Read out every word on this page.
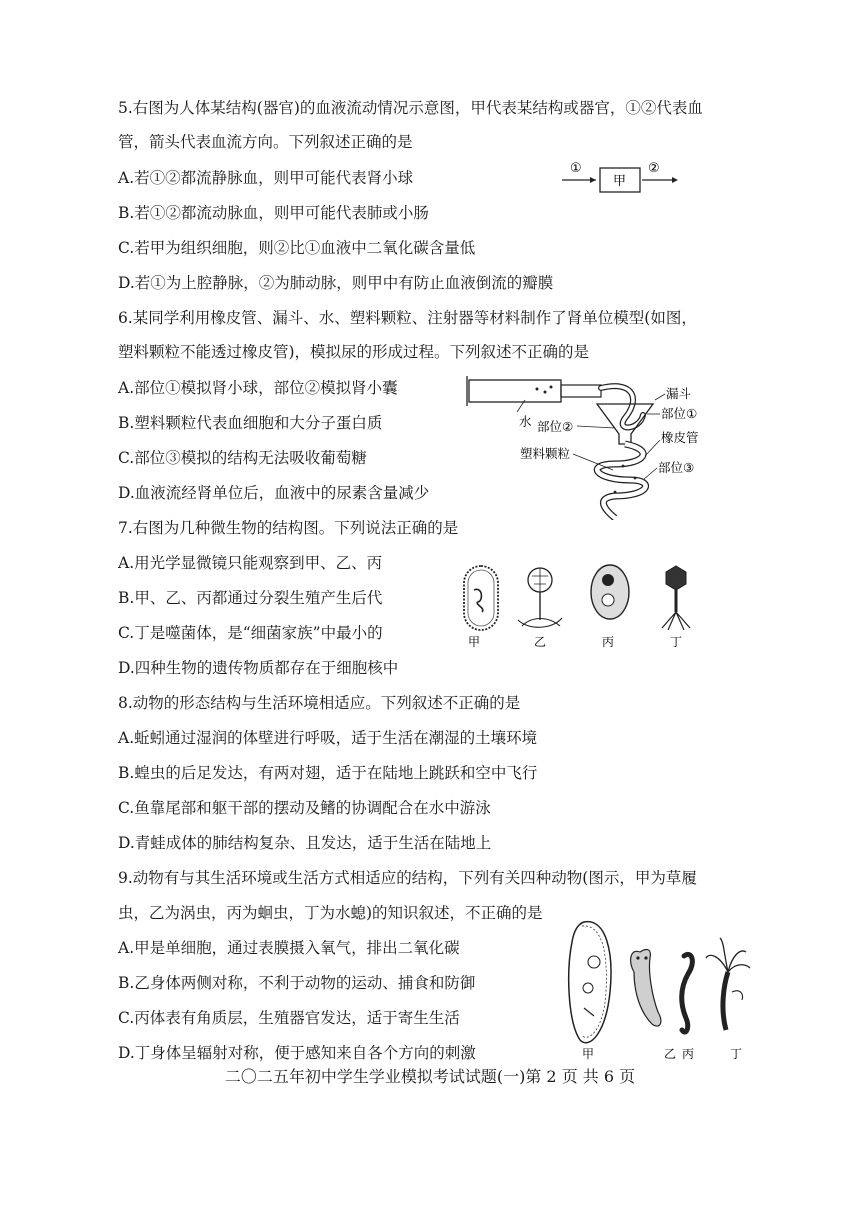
5.右图为人体某结构(器官)的血液流动情况示意图，甲代表某结构或器官，①②代表血
管，箭头代表血流方向。下列叙述正确的是
A.若①②都流静脉血，则甲可能代表肾小球
B.若①②都流动脉血，则甲可能代表肺或小肠
C.若甲为组织细胞，则②比①血液中二氧化碳含量低
D.若①为上腔静脉，②为肺动脉，则甲中有防止血液倒流的瓣膜
①
甲
②
6.某同学利用橡皮管、漏斗、水、塑料颗粒、注射器等材料制作了肾单位模型(如图，
塑料颗粒不能透过橡皮管)，模拟尿的形成过程。下列叙述不正确的是
A.部位①模拟肾小球，部位②模拟肾小囊
B.塑料颗粒代表血细胞和大分子蛋白质
C.部位③模拟的结构无法吸收葡萄糖
D.血液流经肾单位后，血液中的尿素含量减少
水 部位②
塑料颗粒
漏斗
部位①
橡皮管
部位③
7.右图为几种微生物的结构图。下列说法正确的是
A.用光学显微镜只能观察到甲、乙、丙
B.甲、乙、丙都通过分裂生殖产生后代
C.丁是噬菌体，是“细菌家族”中最小的
D.四种生物的遗传物质都存在于细胞核中
甲	乙	丙	丁
8.动物的形态结构与生活环境相适应。下列叙述不正确的是
A.蚯蚓通过湿润的体壁进行呼吸，适于生活在潮湿的土壤环境
B.蝗虫的后足发达，有两对翅，适于在陆地上跳跃和空中飞行
C.鱼靠尾部和躯干部的摆动及鳍的协调配合在水中游泳
D.青蛙成体的肺结构复杂、且发达，适于生活在陆地上
9.动物有与其生活环境或生活方式相适应的结构，下列有关四种动物(图示，甲为草履
虫，乙为涡虫，丙为蛔虫，丁为水螅)的知识叙述，不正确的是
A.甲是单细胞，通过表膜摄入氧气，排出二氧化碳
B.乙身体两侧对称，不利于动物的运动、捕食和防御
C.丙体表有角质层，生殖器官发达，适于寄生生活
D.丁身体呈辐射对称，便于感知来自各个方向的刺激	甲	乙 丙	丁
二〇二五年初中学生学业模拟考试试题(一)第 2 页 共 6 页
